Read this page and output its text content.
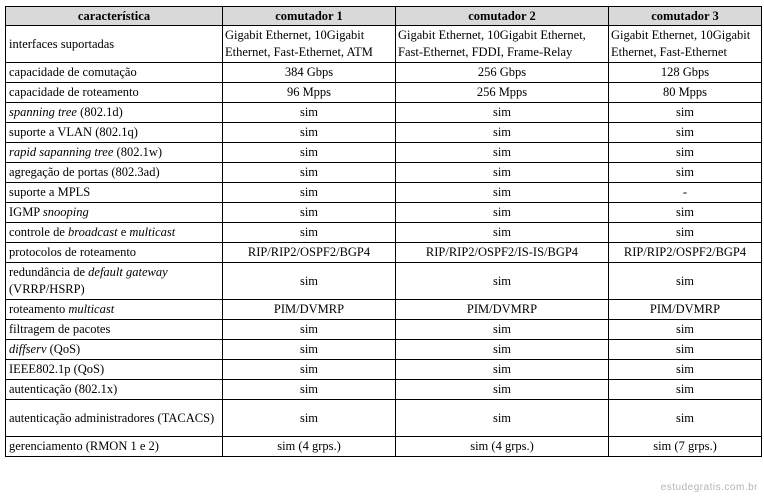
característica	comutador 1	comutador 2	comutador 3
interfaces suportadas	Gigabit Ethernet, 10Gigabit Ethernet, Fast-Ethernet, ATM	Gigabit Ethernet, 10Gigabit Ethernet, Fast-Ethernet, FDDI, Frame-Relay	Gigabit Ethernet, 10Gigabit Ethernet, Fast-Ethernet
capacidade de comutação	384 Gbps	256 Gbps	128 Gbps
capacidade de roteamento	96 Mpps	256 Mpps	80 Mpps
spanning tree (802.1d)	sim	sim	sim
suporte a VLAN (802.1q)	sim	sim	sim
rapid sapanning tree (802.1w)	sim	sim	sim
agregação de portas (802.3ad)	sim	sim	sim
suporte a MPLS	sim	sim	-
IGMP snooping	sim	sim	sim
controle de broadcast e multicast	sim	sim	sim
protocolos de roteamento	RIP/RIP2/OSPF2/BGP4	RIP/RIP2/OSPF2/IS-IS/BGP4	RIP/RIP2/OSPF2/BGP4
redundância de default gateway (VRRP/HSRP)	sim	sim	sim
roteamento multicast	PIM/DVMRP	PIM/DVMRP	PIM/DVMRP
filtragem de pacotes	sim	sim	sim
diffserv (QoS)	sim	sim	sim
IEEE802.1p (QoS)	sim	sim	sim
autenticação (802.1x)	sim	sim	sim
autenticação administradores (TACACS)	sim	sim	sim
gerenciamento (RMON 1 e 2)	sim (4 grps.)	sim (4 grps.)	sim (7 grps.)
estudegratis.com.br
